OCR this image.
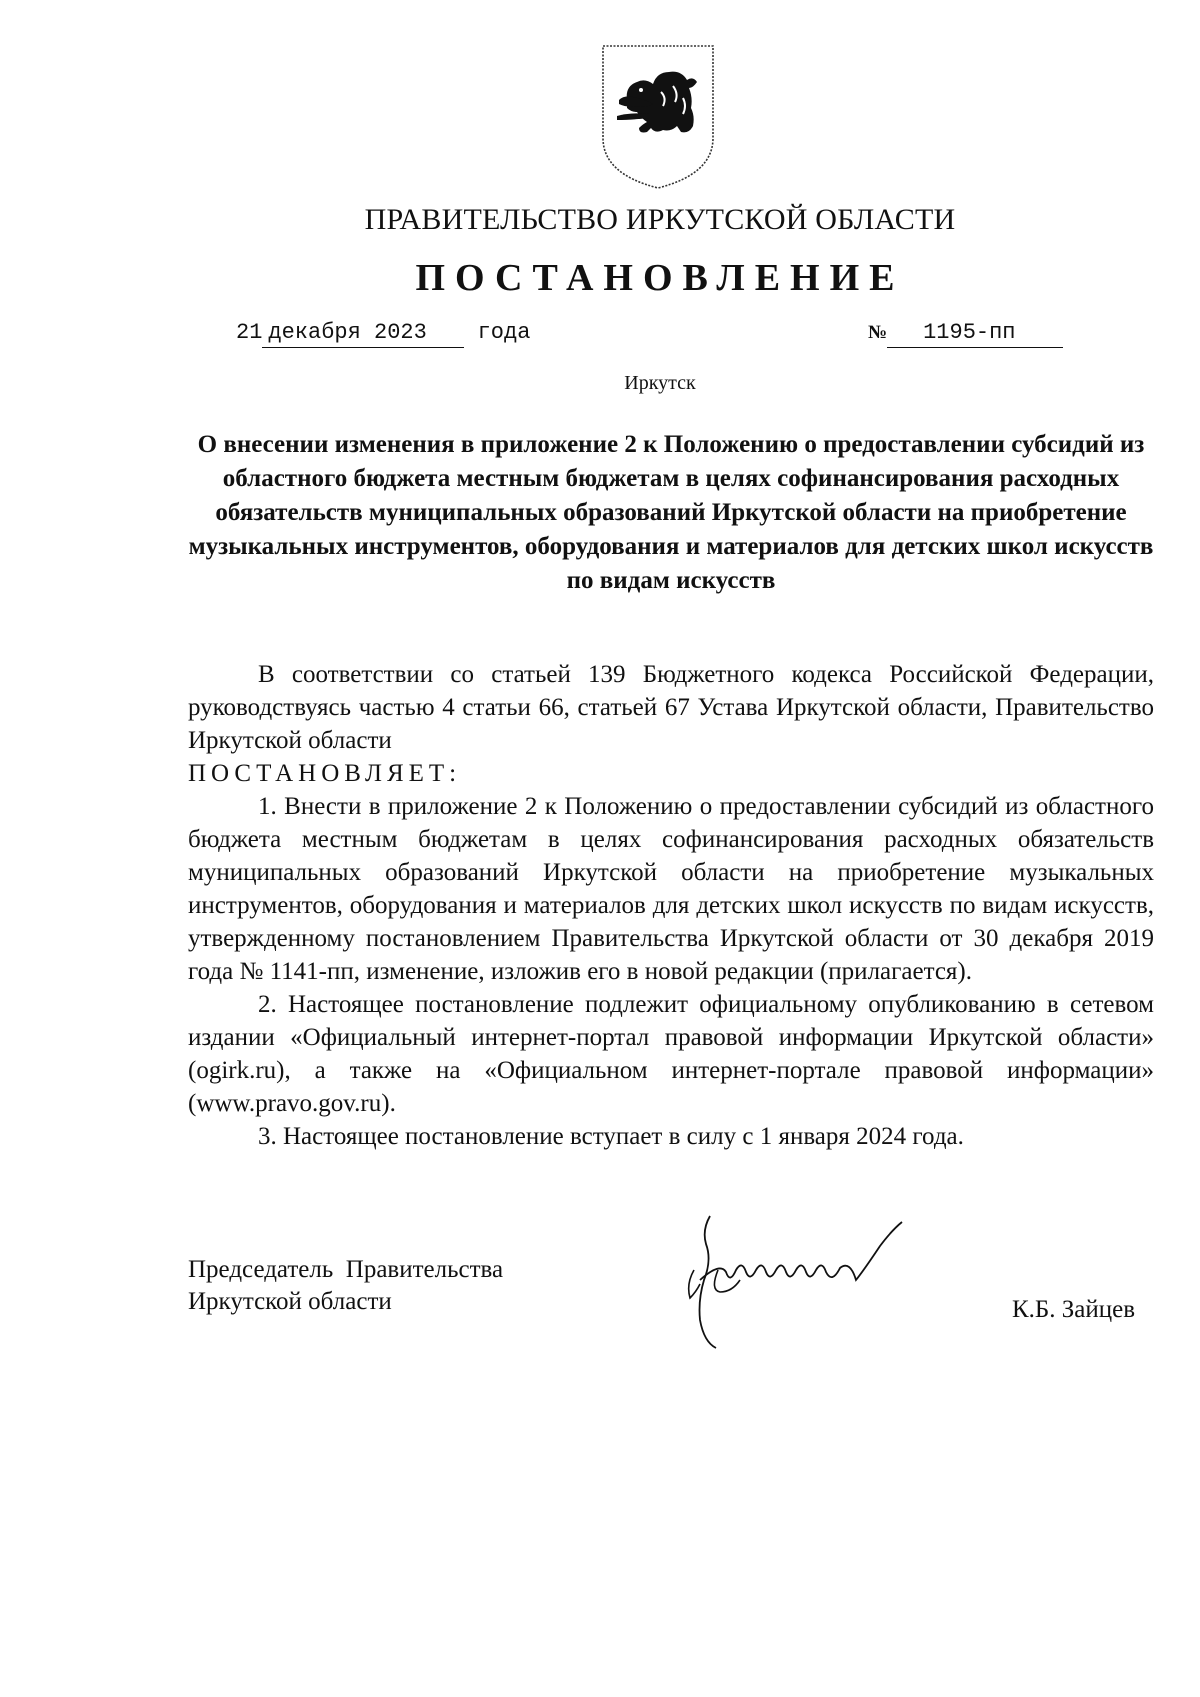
ПРАВИТЕЛЬСТВО ИРКУТСКОЙ ОБЛАСТИ
ПОСТАНОВЛЕНИЕ
21 декабря 2023 года	№ 1195-пп
Иркутск
О внесении изменения в приложение 2 к Положению о предоставлении субсидий из областного бюджета местным бюджетам в целях софинансирования расходных обязательств муниципальных образований Иркутской области на приобретение музыкальных инструментов, оборудования и материалов для детских школ искусств по видам искусств

В соответствии со статьей 139 Бюджетного кодекса Российской Федерации, руководствуясь частью 4 статьи 66, статьей 67 Устава Иркутской области, Правительство Иркутской области

ПОСТАНОВЛЯЕТ:

1. Внести в приложение 2 к Положению о предоставлении субсидий из областного бюджета местным бюджетам в целях софинансирования расходных обязательств муниципальных образований Иркутской области на приобретение музыкальных инструментов, оборудования и материалов для детских школ искусств по видам искусств, утвержденному постановлением Правительства Иркутской области от 30 декабря 2019 года № 1141-пп, изменение, изложив его в новой редакции (прилагается).

2. Настоящее постановление подлежит официальному опубликованию в сетевом издании «Официальный интернет-портал правовой информации Иркутской области» (ogirk.ru), а также на «Официальном интернет-портале правовой информации» (www.pravo.gov.ru).

3. Настоящее постановление вступает в силу с 1 января 2024 года.

Председатель  Правительства
Иркутской области	К.Б. Зайцев
